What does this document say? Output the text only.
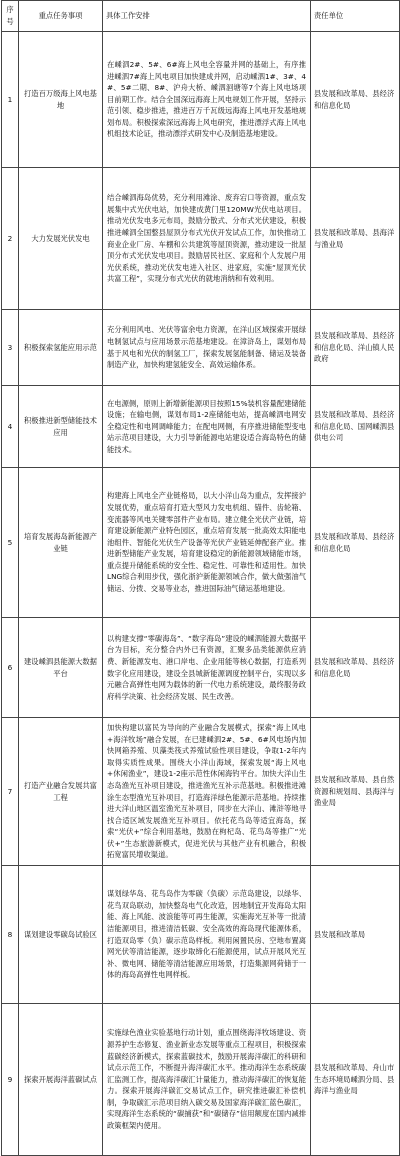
序号	重点任务事项	具体工作安排	责任单位
1	打造百万级海上风电基地	在嵊泗2#、5#、6#海上风电全容量并网的基础上，有序推进嵊泗7#海上风电项目加快建成并网，启动嵊泗1#、3#、4#、5#二期、8#、沪舟大桥、嵊泗洄塘等7个海上风电场项目前期工作。结合全国深远海海上风电规划工作开展，坚持示范引领、稳步推进，推进百万千瓦级远海海上风电开发基地规划布局。积极探索深远海海上风电研究，推进漂浮式海上风电机组技术论证，推动漂浮式研发中心及制造基地建设。	县发展和改革局、县经济和信息化局
2	大力发展光伏发电	结合嵊泗海岛优势，充分利用滩涂、废弃宕口等资源，重点发展集中式光伏电站，加快建成黄门里120MW光伏电站项目。推动光伏发电多元布局，鼓励分散式、分布式光伏建设，积极推进嵊泗全国整县屋顶分布式光伏开发试点工作，加快推动工商业企业厂房、车棚和公共建筑等屋顶资源，推动建设一批屋顶分布式光伏发电项目。鼓励居民社区、家庭和个人发展户用光伏系统，推动光伏发电进入社区、进家庭，实施“屋顶光伏共富工程”，实现分布式光伏的就地消纳和有效利用。	县发展和改革局、县海洋与渔业局
3	积极探索氢能应用示范	充分利用风电、光伏等富余电力资源，在洋山区域探索开展绿电制氢试点与应用场景示范基地建设。在漳浒岛上，谋划布局基于风电和光伏的制氢工厂，探索发展氢能制备、储运及装备制造产业，加快构建氢能安全、高效运输体系。	县发展和改革局、县经济和信息化局、洋山镇人民政府
4	积极推进新型储能技术应用	在电源侧，原则上新增新能源项目按照15%装机容量配建储能设施；在输电侧，谋划布局1-2座储能电站，提高嵊泗电网安全稳定性和电网调峰能力；在配电网侧，有序推进储能型变电站示范项目建设，大力引导新能源电站建设适合海岛特色的储能技术。	县发展和改革局、县经济和信息化局、国网嵊泗县供电公司
5	培育发展海岛新能源产业链	构建海上风电全产业链格局，以大小洋山岛为重点，发挥接沪发展优势，重点培育打造大型风力发电机组、锚件、齿轮箱、变流器等风电关键零部件产业布局。建立健全光伏产业链，培育建设新能源产业特色园区，重点培育发展一批高效太阳能电池组件、智能化光伏生产设备等光伏产业链延伸配套产业。推进新型储能产业发展，培育建设稳定的新能源领域储能市场，重点提升储能系统的安全性、稳定性、可靠性和适用性。加快LNG综合利用步伐，强化浙沪新能源领域合作，做大做强油气储运、分拨、交易等业态，推进国际油气储运基地建设。	县发展和改革局、县经济和信息化局
6	建设嵊泗县能源大数据平台	以构建支撑“零碳海岛”、“数字海岛”建设的嵊泗能源大数据平台为目标，充分整合内外已有资源，汇聚多品类能源供应消费、新能源发电、港口岸电、企业用能等核心数据，打造系列数字化应用建设，建设全县城新能源调度控制平台，实现以多元融合高弹性电网为载体的新一代电力系统建设，最终服务政府科学决策、社会经济发展、民生改善。	县发展和改革局、县经济和信息化局
7	打造产业融合发展共富工程	加快构建以富民为导向的产业融合发展模式，探索“海上风电+海洋牧场”融合发展，在已建嵊泗2#、5#、6#风电场内加快网箱养殖、贝藻类筏式养殖试验性项目建设，争取1-2年内取得实质性成果。围绕大小洋山海域，探索发展“海上风电+休闲渔业”，建设1-2座示范性休闲海钓平台。加快大洋山生态岛渔光互补项目建设，推进渔光互补示范基地。积极推进滩涂生态型渔光互补项目，打造海洋绿色能源示范基地。持续推进大洋山地区温室渔光互补项目，同步在大洋山、滩浒等地寻找合适区域发展渔光互补项目。依托花鸟岛等适宜海岛，探索“光伏+”综合利用基地，鼓励在枸杞岛、花鸟岛等推广“光伏+”生态旅游新模式，促进光伏与其他产业有机融合，积极拓宽富民增收渠道。	县发展和改革局、县自然资源和规划局、县海洋与渔业局
8	谋划建设零碳岛试验区	谋划绿华岛、花鸟岛作为零碳（负碳）示范岛建设，以绿华、花鸟双岛联动，加快整岛电气化改造，因地制宜开发海岛太阳能、海上风能、波浪能等可再生能源，实施海光互补等一批清洁能源项目，推进清洁低碳、安全高效的海岛现代能源体系，打造双岛零（负）碳示范岛样板。利用闲置民房、空地布置离网光伏等清洁能源，逐步取缔化石能源使用，试点开展风光互补、微电网、储能等清洁能源应用场景，打造集源网荷储于一体的海岛高弹性电网样板。	县发展和改革局
9	探索开展海洋蓝碳试点	实施绿色渔业实验基地行动计划，重点围绕海洋牧场建设、资源养护生态修复、渔业新业态发展等重点工程项目，积极探索蓝碳经济新模式，探索蓝碳技术，鼓励开展海洋碳汇的科研和试点示范工作，不断提升海洋碳汇水平。推动海洋生态系统碳汇监测工作，提高海洋碳汇计量能力，推动海洋碳汇的恢复能力。探索开展海洋碳汇交易试点工作，研究推进碳汇补偿机制，争取碳汇示范项目纳入碳交易及国家海洋碳汇蓝色碳汇，实现海洋生态系统的“碳捕获”和“碳储存”信用额度在国内减排政策框架内使用。	县发展和改革局、舟山市生态环境局嵊泗分局、县海洋与渔业局
